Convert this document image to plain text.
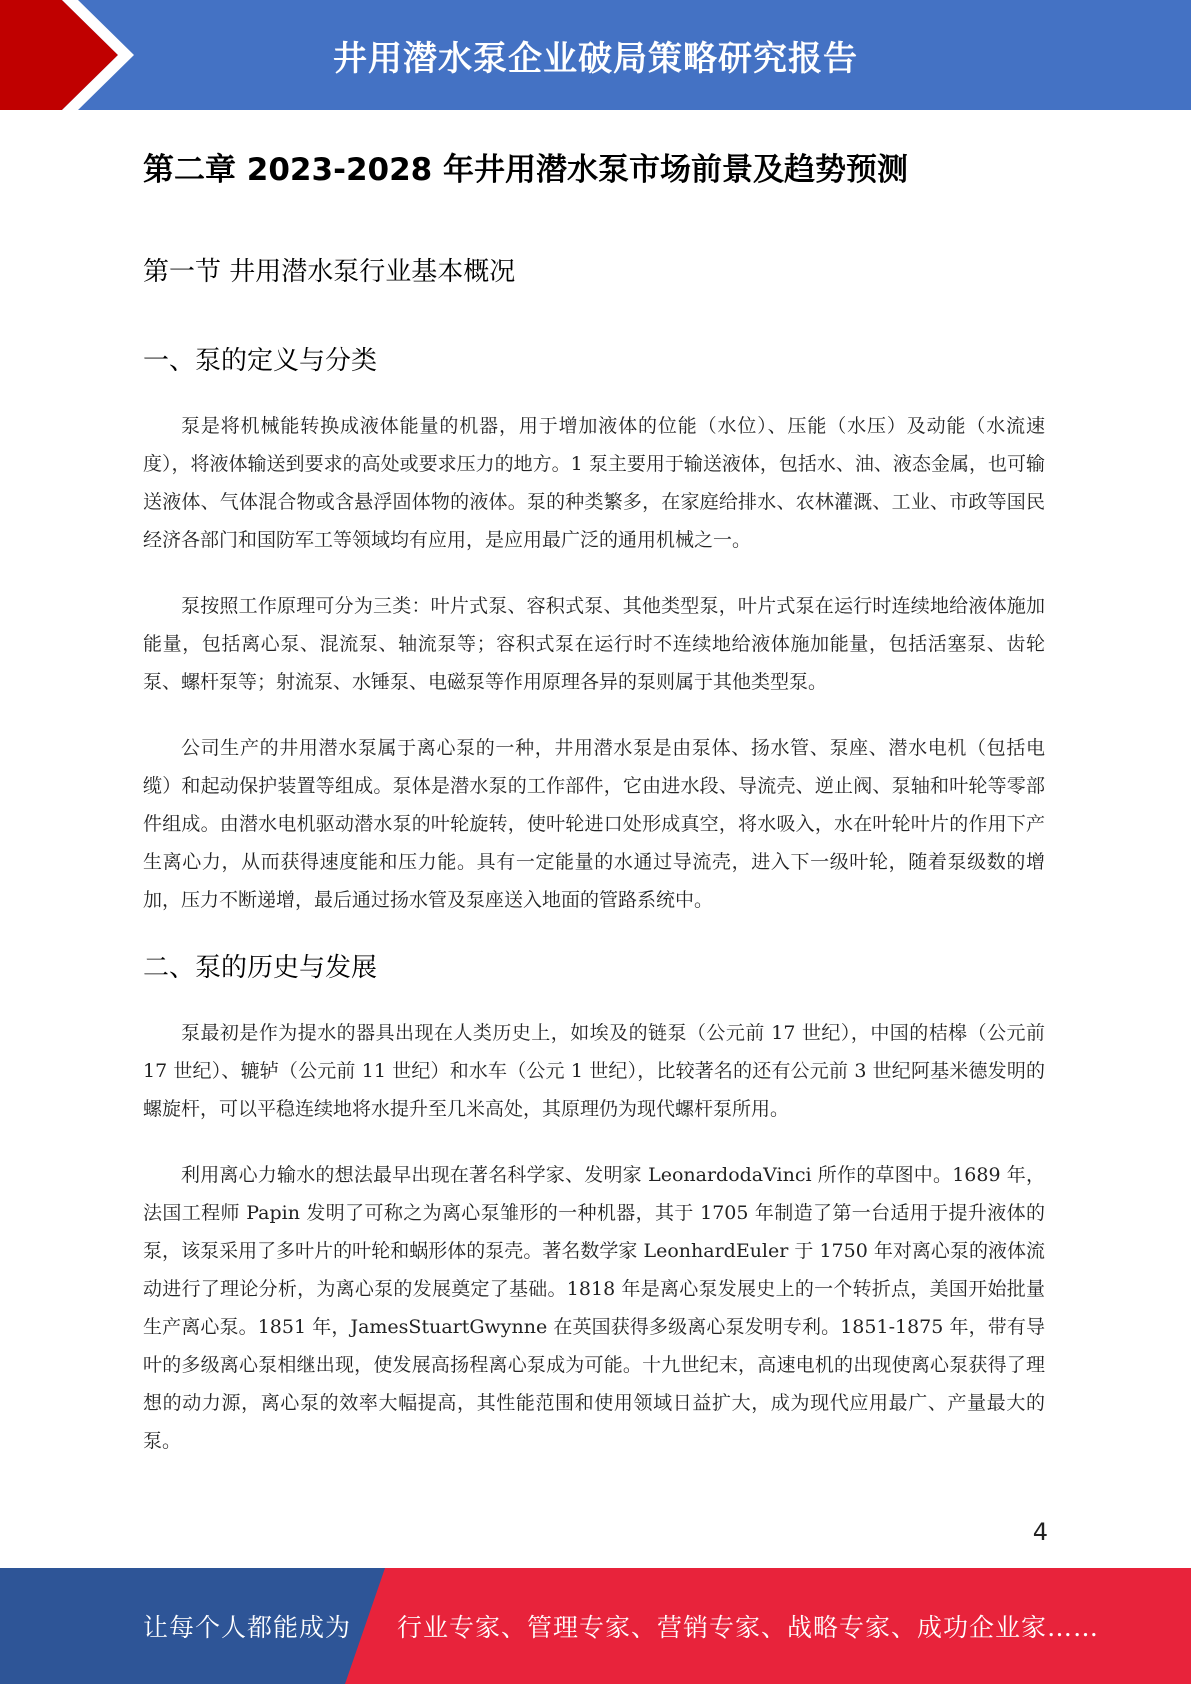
井用潜水泵企业破局策略研究报告
第二章 2023-2028 年井用潜水泵市场前景及趋势预测
第一节 井用潜水泵行业基本概况
一、泵的定义与分类

泵是将机械能转换成液体能量的机器，用于增加液体的位能（水位）、压能（水压）及动能（水流速度），将液体输送到要求的高处或要求压力的地方。1 泵主要用于输送液体，包括水、油、液态金属，也可输送液体、气体混合物或含悬浮固体物的液体。泵的种类繁多，在家庭给排水、农林灌溉、工业、市政等国民经济各部门和国防军工等领域均有应用，是应用最广泛的通用机械之一。

泵按照工作原理可分为三类：叶片式泵、容积式泵、其他类型泵，叶片式泵在运行时连续地给液体施加能量，包括离心泵、混流泵、轴流泵等；容积式泵在运行时不连续地给液体施加能量，包括活塞泵、齿轮泵、螺杆泵等；射流泵、水锤泵、电磁泵等作用原理各异的泵则属于其他类型泵。

公司生产的井用潜水泵属于离心泵的一种，井用潜水泵是由泵体、扬水管、泵座、潜水电机（包括电缆）和起动保护装置等组成。泵体是潜水泵的工作部件，它由进水段、导流壳、逆止阀、泵轴和叶轮等零部件组成。由潜水电机驱动潜水泵的叶轮旋转，使叶轮进口处形成真空，将水吸入，水在叶轮叶片的作用下产生离心力，从而获得速度能和压力能。具有一定能量的水通过导流壳，进入下一级叶轮，随着泵级数的增加，压力不断递增，最后通过扬水管及泵座送入地面的管路系统中。

二、泵的历史与发展

泵最初是作为提水的器具出现在人类历史上，如埃及的链泵（公元前 17 世纪），中国的桔槔（公元前 17 世纪）、辘轳（公元前 11 世纪）和水车（公元 1 世纪），比较著名的还有公元前 3 世纪阿基米德发明的螺旋杆，可以平稳连续地将水提升至几米高处，其原理仍为现代螺杆泵所用。

利用离心力输水的想法最早出现在著名科学家、发明家 LeonardodaVinci 所作的草图中。1689 年，法国工程师 Papin 发明了可称之为离心泵雏形的一种机器，其于 1705 年制造了第一台适用于提升液体的泵，该泵采用了多叶片的叶轮和蜗形体的泵壳。著名数学家 LeonhardEuler 于 1750 年对离心泵的液体流动进行了理论分析，为离心泵的发展奠定了基础。1818 年是离心泵发展史上的一个转折点，美国开始批量生产离心泵。1851 年，JamesStuartGwynne 在英国获得多级离心泵发明专利。1851-1875 年，带有导叶的多级离心泵相继出现，使发展高扬程离心泵成为可能。十九世纪末，高速电机的出现使离心泵获得了理想的动力源，离心泵的效率大幅提高，其性能范围和使用领域日益扩大，成为现代应用最广、产量最大的泵。

4
让每个人都能成为 行业专家、管理专家、营销专家、战略专家、成功企业家……
